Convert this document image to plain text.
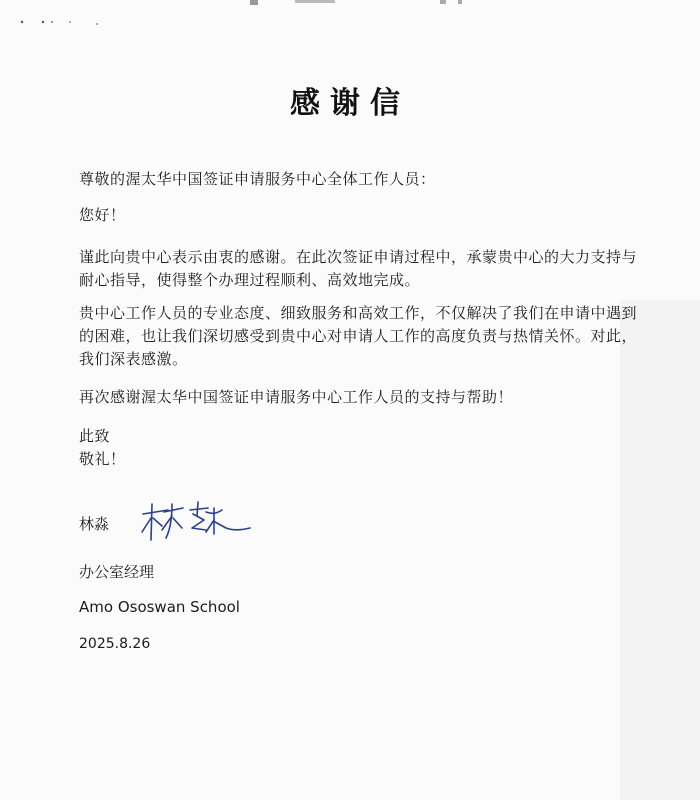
感谢信
尊敬的渥太华中国签证申请服务中心全体工作人员：
您好！
谨此向贵中心表示由衷的感谢。在此次签证申请过程中，承蒙贵中心的大力支持与耐心指导，使得整个办理过程顺利、高效地完成。
贵中心工作人员的专业态度、细致服务和高效工作，不仅解决了我们在申请中遇到的困难，也让我们深切感受到贵中心对申请人工作的高度负责与热情关怀。对此，我们深表感激。
再次感谢渥太华中国签证申请服务中心工作人员的支持与帮助！
此致
敬礼！
林淼
办公室经理
Amo Ososwan School
2025.8.26
